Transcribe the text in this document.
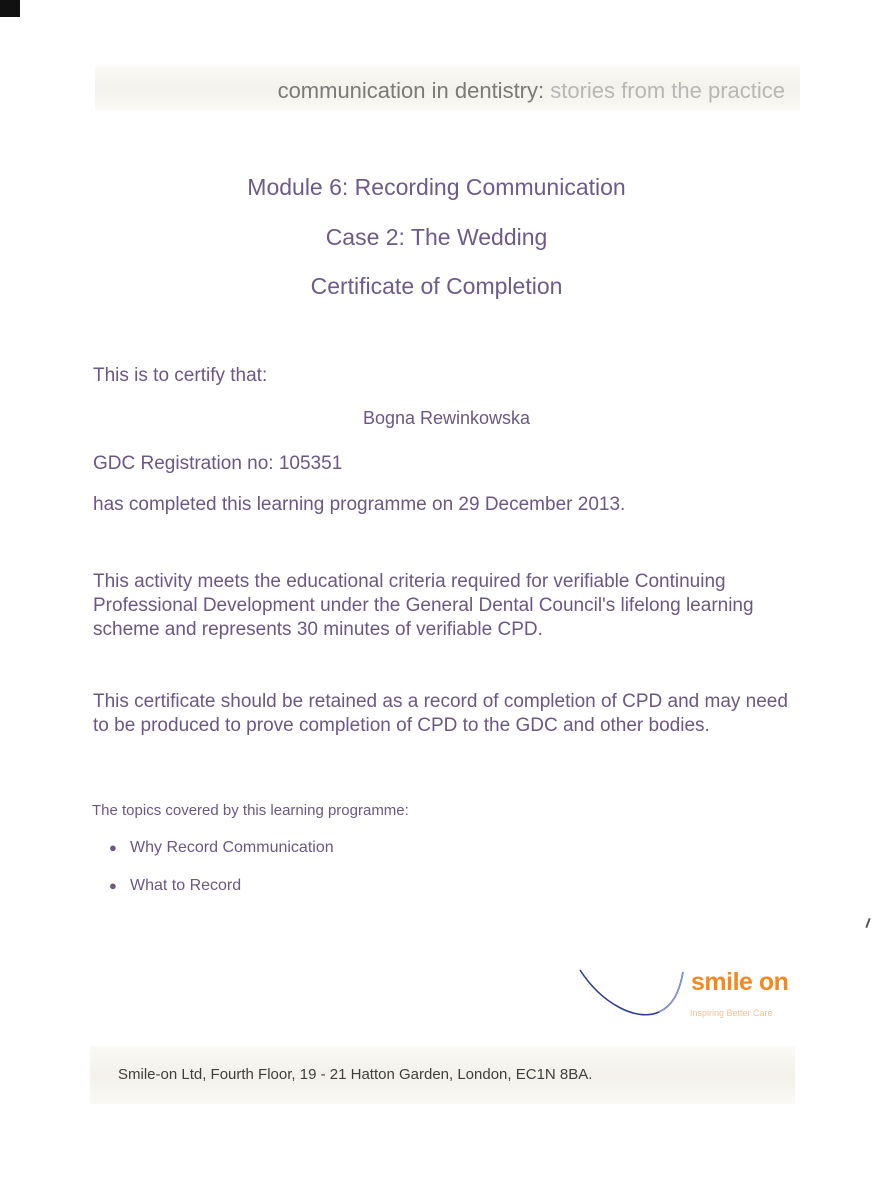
communication in dentistry: stories from the practice
Module 6: Recording Communication
Case 2: The Wedding
Certificate of Completion

This is to certify that:

Bogna Rewinkowska

GDC Registration no: 105351

has completed this learning programme on 29 December 2013.

This activity meets the educational criteria required for verifiable Continuing Professional Development under the General Dental Council's lifelong learning scheme and represents 30 minutes of verifiable CPD.

This certificate should be retained as a record of completion of CPD and may need to be produced to prove completion of CPD to the GDC and other bodies.

The topics covered by this learning programme:

● Why Record Communication
● What to Record
smile on
Inspiring Better Care
Smile-on Ltd, Fourth Floor, 19 - 21 Hatton Garden, London, EC1N 8BA.
